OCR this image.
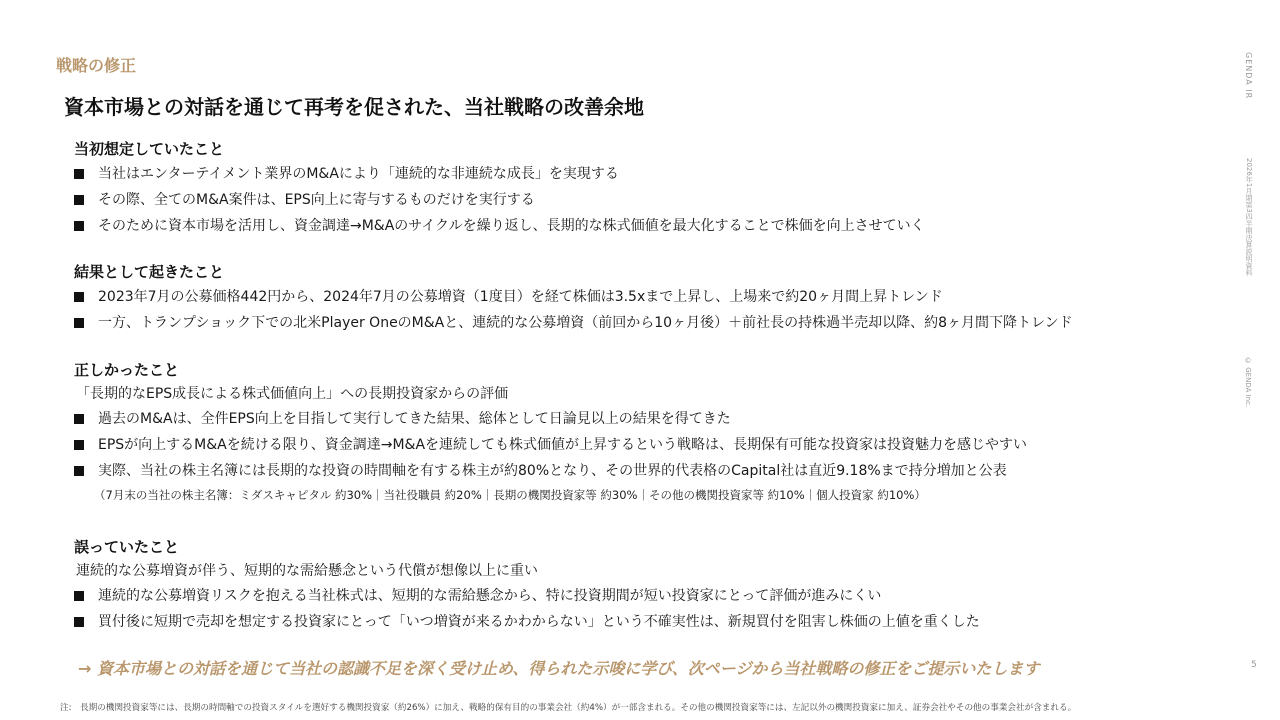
戦略の修正
資本市場との対話を通じて再考を促された、当社戦略の改善余地
GENDA IR
2026年1月期第3四半期決算説明資料
© GENDA Inc.
当初想定していたこと
当社はエンターテイメント業界のM&Aにより「連続的な非連続な成長」を実現する
その際、全てのM&A案件は、EPS向上に寄与するものだけを実行する
そのために資本市場を活用し、資金調達→M&Aのサイクルを繰り返し、長期的な株式価値を最大化することで株価を向上させていく
結果として起きたこと
2023年7月の公募価格442円から、2024年7月の公募増資（1度目）を経て株価は3.5xまで上昇し、上場来で約20ヶ月間上昇トレンド
一方、トランプショック下での北米Player OneのM&Aと、連続的な公募増資（前回から10ヶ月後）＋前社長の持株過半売却以降、約8ヶ月間下降トレンド
正しかったこと
「長期的なEPS成長による株式価値向上」への長期投資家からの評価
過去のM&Aは、全件EPS向上を目指して実行してきた結果、総体として日論見以上の結果を得てきた
EPSが向上するM&Aを続ける限り、資金調達→M&Aを連続しても株式価値が上昇するという戦略は、長期保有可能な投資家は投資魅力を感じやすい
実際、当社の株主名簿には長期的な投資の時間軸を有する株主が約80%となり、その世界的代表格のCapital社は直近9.18%まで持分増加と公表
（7月末の当社の株主名簿：ミダスキャピタル 約30%｜当社役職員 約20%｜長期の機関投資家等 約30%｜その他の機関投資家等 約10%｜個人投資家 約10%）
誤っていたこと
連続的な公募増資が伴う、短期的な需給懸念という代償が想像以上に重い
連続的な公募増資リスクを抱える当社株式は、短期的な需給懸念から、特に投資期間が短い投資家にとって評価が進みにくい
買付後に短期で売却を想定する投資家にとって「いつ増資が来るかわからない」という不確実性は、新規買付を阻害し株価の上値を重くした
→ 資本市場との対話を通じて当社の認識不足を深く受け止め、得られた示唆に学び、次ページから当社戦略の修正をご提示いたします	5
注:　長期の機関投資家等には、長期の時間軸での投資スタイルを選好する機関投資家（約26%）に加え、戦略的保有目的の事業会社（約4%）が一部含まれる。その他の機関投資家等には、左記以外の機関投資家に加え、証券会社やその他の事業会社が含まれる。
